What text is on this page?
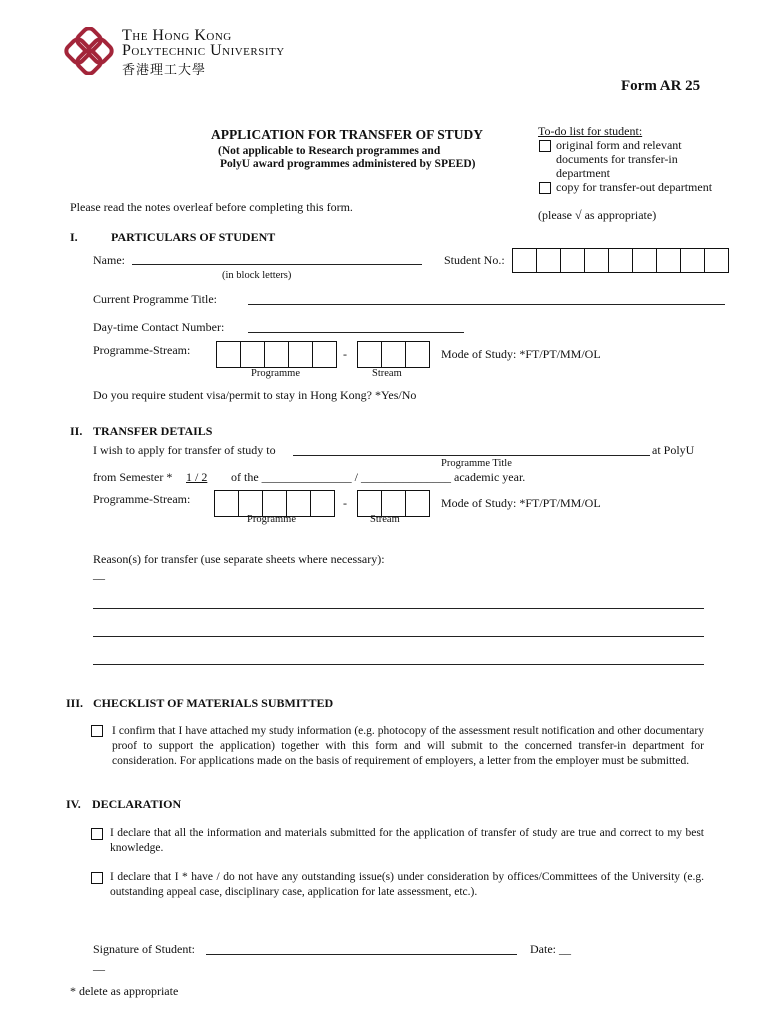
The Hong Kong
Polytechnic University
香港理工大學
Form AR 25
APPLICATION FOR TRANSFER OF STUDY
(Not applicable to Research programmes and
PolyU award programmes administered by SPEED)
To-do list for student:
original form and relevant
documents for transfer-in
department
copy for transfer-out department
(please √ as appropriate)
Please read the notes overleaf before completing this form.
I.	PARTICULARS OF STUDENT
Name:
(in block letters)
Student No.:
Current Programme Title:
Day-time Contact Number:
Programme-Stream:	-	Mode of Study: *FT/PT/MM/OL
Programme	Stream
Do you require student visa/permit to stay in Hong Kong? *Yes/No
II. TRANSFER DETAILS
I wish to apply for transfer of study to	at PolyU
Programme Title
from Semester * 1 / 2 of the _______________ / _______________ academic year.
Programme-Stream:	-	Mode of Study: *FT/PT/MM/OL
Programme	Stream
Reason(s) for transfer (use separate sheets where necessary):
__
III. CHECKLIST OF MATERIALS SUBMITTED
I confirm that I have attached my study information (e.g. photocopy of the assessment result notification and other documentary proof to support the application) together with this form and will submit to the concerned transfer-in department for consideration. For applications made on the basis of requirement of employers, a letter from the employer must be submitted.
IV. DECLARATION
I declare that all the information and materials submitted for the application of transfer of study are true and correct to my best knowledge.
I declare that I * have / do not have any outstanding issue(s) under consideration by offices/Committees of the University (e.g. outstanding appeal case, disciplinary case, application for late assessment, etc.).
Signature of Student:	Date: __
__
* delete as appropriate
